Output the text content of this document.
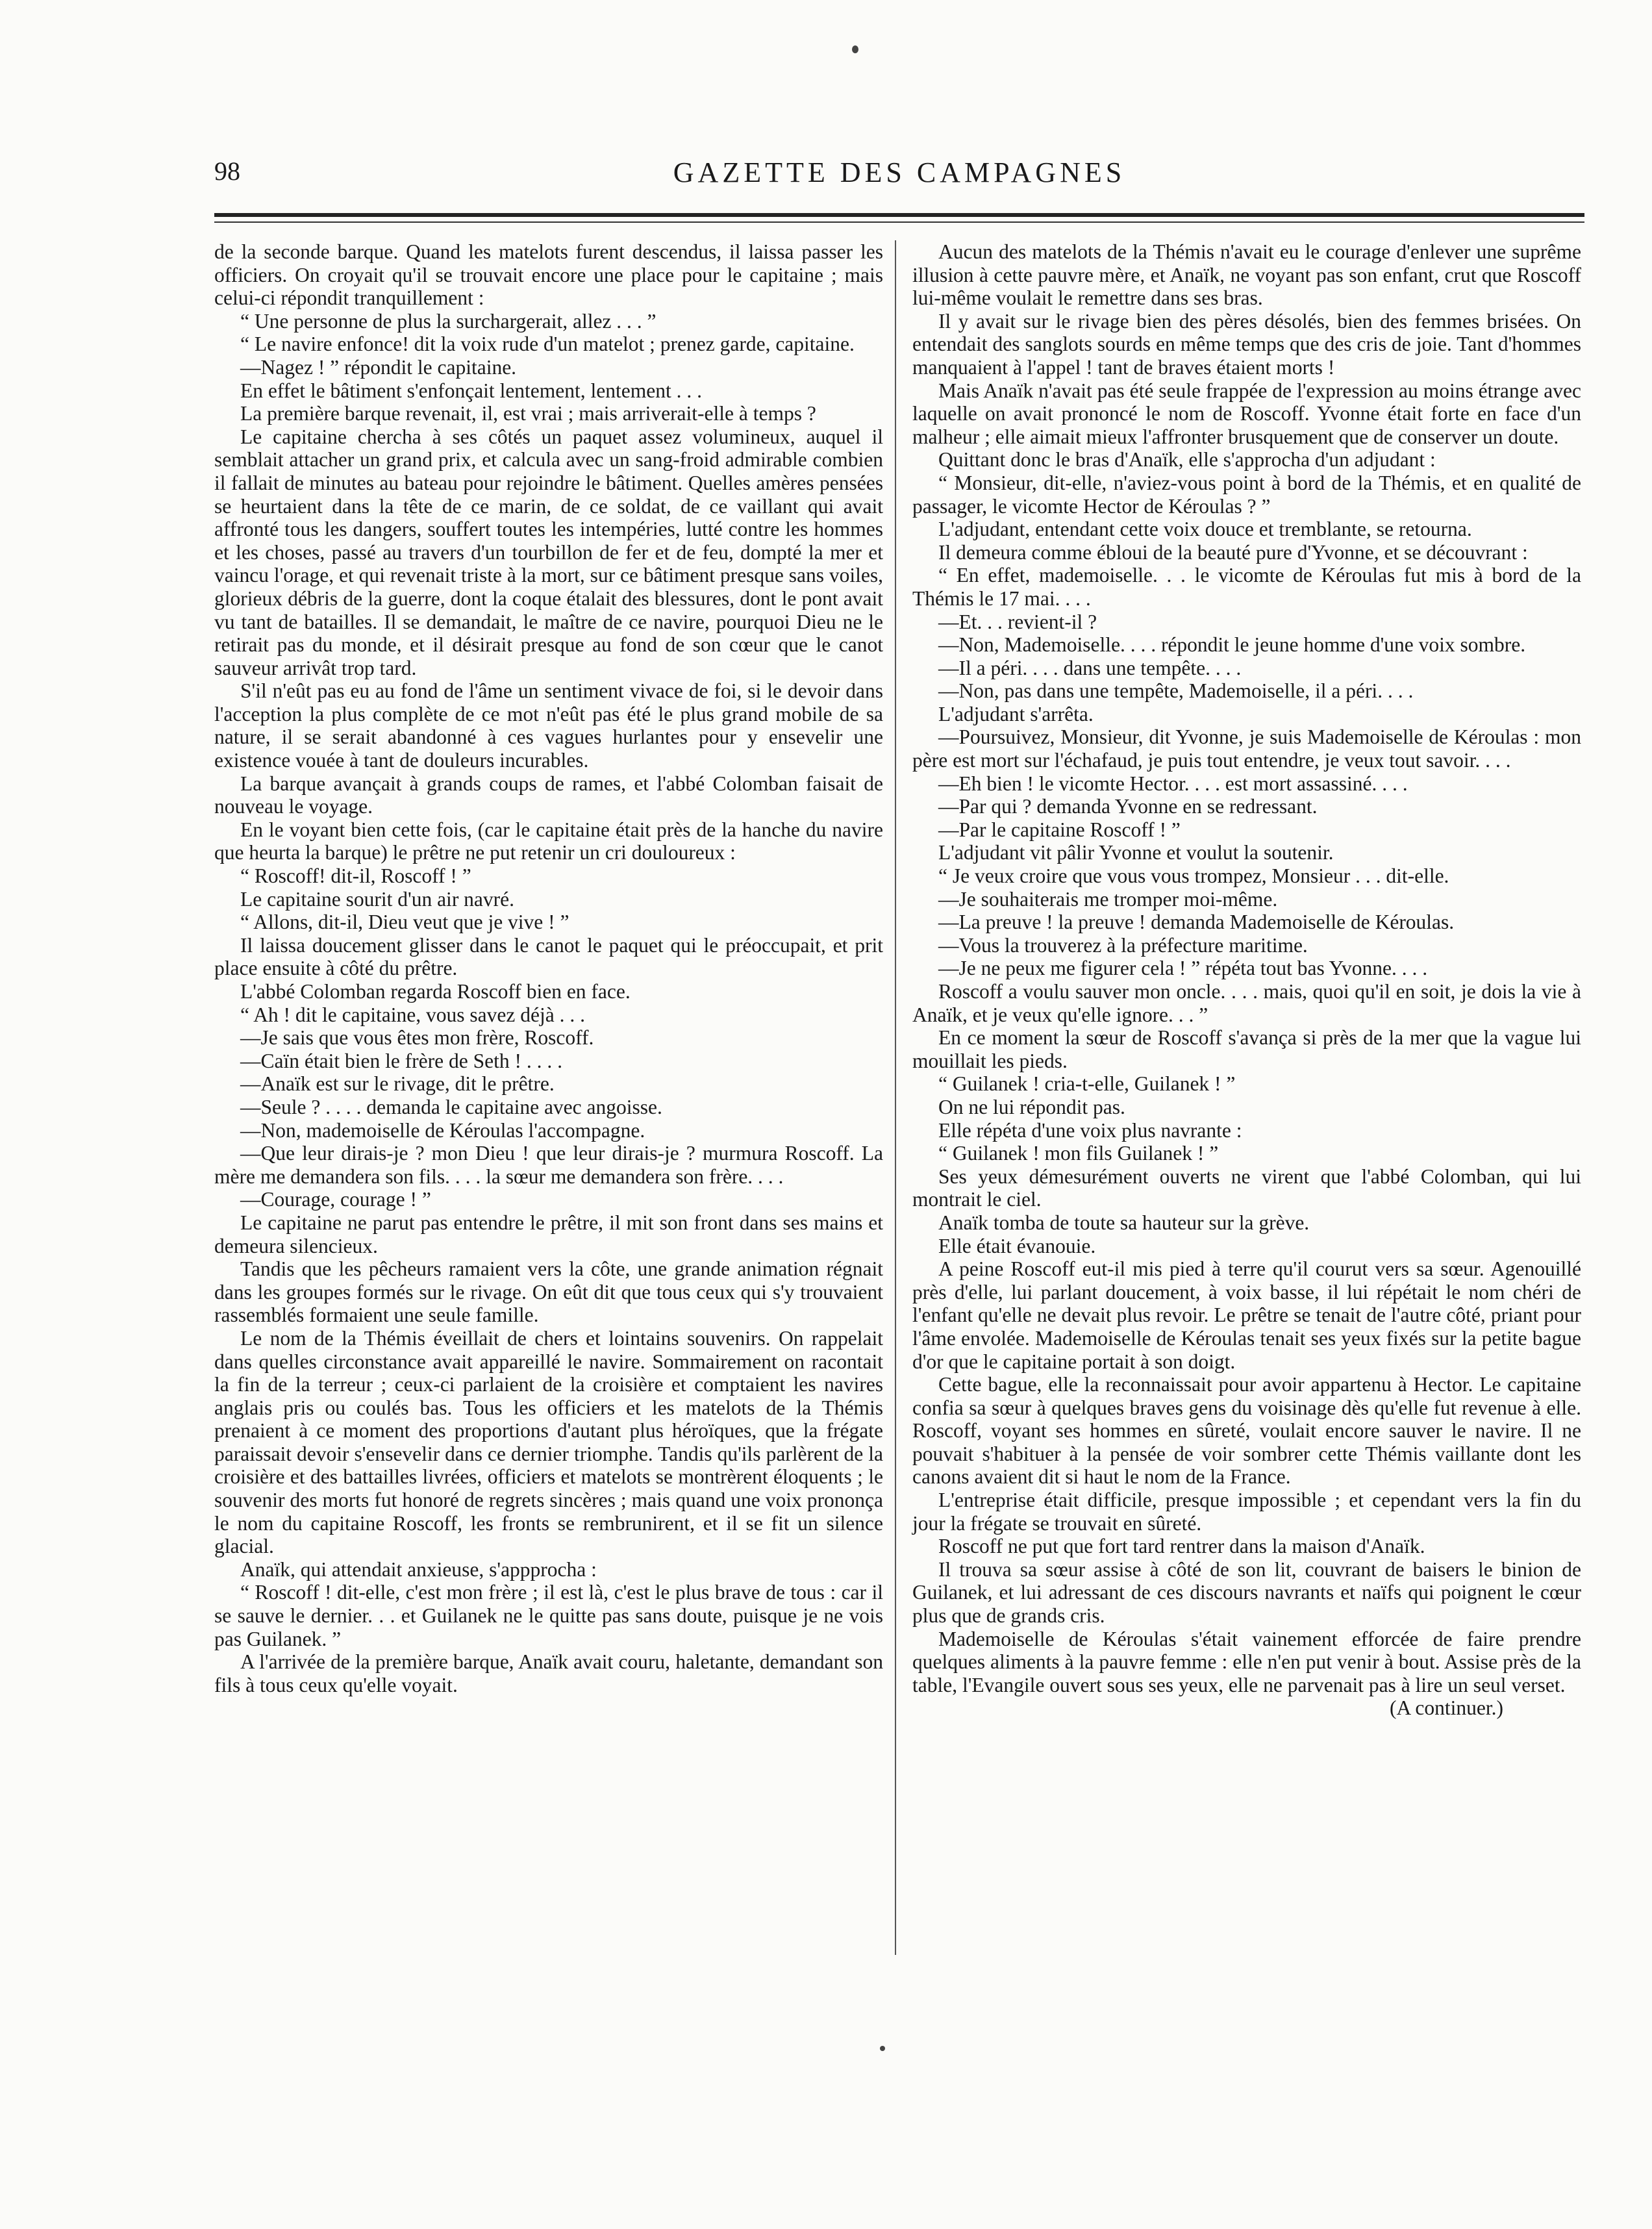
98	GAZETTE DES CAMPAGNES

de la seconde barque. Quand les matelots furent descendus, il laissa passer les officiers. On croyait qu'il se trouvait encore une place pour le capitaine ; mais celui-ci répondit tranquillement :

“ Une personne de plus la surchargerait, allez . . . ”

“ Le navire enfonce! dit la voix rude d'un matelot ; prenez garde, capitaine.

—Nagez ! ” répondit le capitaine.

En effet le bâtiment s'enfonçait lentement, lentement . . .

La première barque revenait, il, est vrai ; mais arriverait-elle à temps ?

Le capitaine chercha à ses côtés un paquet assez volumineux, auquel il semblait attacher un grand prix, et calcula avec un sang-froid admirable combien il fallait de minutes au bateau pour rejoindre le bâtiment. Quelles amères pensées se heurtaient dans la tête de ce marin, de ce soldat, de ce vaillant qui avait affronté tous les dangers, souffert toutes les intempéries, lutté contre les hommes et les choses, passé au travers d'un tourbillon de fer et de feu, dompté la mer et vaincu l'orage, et qui revenait triste à la mort, sur ce bâtiment presque sans voiles, glorieux débris de la guerre, dont la coque étalait des blessures, dont le pont avait vu tant de batailles. Il se demandait, le maître de ce navire, pourquoi Dieu ne le retirait pas du monde, et il désirait presque au fond de son cœur que le canot sauveur arrivât trop tard.

S'il n'eût pas eu au fond de l'âme un sentiment vivace de foi, si le devoir dans l'acception la plus complète de ce mot n'eût pas été le plus grand mobile de sa nature, il se serait abandonné à ces vagues hurlantes pour y ensevelir une existence vouée à tant de douleurs incurables.

La barque avançait à grands coups de rames, et l'abbé Colomban faisait de nouveau le voyage.

En le voyant bien cette fois, (car le capitaine était près de la hanche du navire que heurta la barque) le prêtre ne put retenir un cri douloureux :

“ Roscoff! dit-il, Roscoff ! ”

Le capitaine sourit d'un air navré.

“ Allons, dit-il, Dieu veut que je vive ! ”

Il laissa doucement glisser dans le canot le paquet qui le préoccupait, et prit place ensuite à côté du prêtre.

L'abbé Colomban regarda Roscoff bien en face.

“ Ah ! dit le capitaine, vous savez déjà . . .

—Je sais que vous êtes mon frère, Roscoff.

—Caïn était bien le frère de Seth ! . . . .

—Anaïk est sur le rivage, dit le prêtre.

—Seule ? . . . . demanda le capitaine avec angoisse.

—Non, mademoiselle de Kéroulas l'accompagne.

—Que leur dirais-je ? mon Dieu ! que leur dirais-je ? murmura Roscoff. La mère me demandera son fils. . . . la sœur me demandera son frère. . . .

—Courage, courage ! ”

Le capitaine ne parut pas entendre le prêtre, il mit son front dans ses mains et demeura silencieux.

Tandis que les pêcheurs ramaient vers la côte, une grande animation régnait dans les groupes formés sur le rivage. On eût dit que tous ceux qui s'y trouvaient rassemblés formaient une seule famille.

Le nom de la Thémis éveillait de chers et lointains souvenirs. On rappelait dans quelles circonstance avait appareillé le navire. Sommairement on racontait la fin de la terreur ; ceux-ci parlaient de la croisière et comptaient les navires anglais pris ou coulés bas. Tous les officiers et les matelots de la Thémis prenaient à ce moment des proportions d'autant plus héroïques, que la frégate paraissait devoir s'ensevelir dans ce dernier triomphe. Tandis qu'ils parlèrent de la croisière et des battailles livrées, officiers et matelots se montrèrent éloquents ; le souvenir des morts fut honoré de regrets sincères ; mais quand une voix prononça le nom du capitaine Roscoff, les fronts se rembrunirent, et il se fit un silence glacial.

Anaïk, qui attendait anxieuse, s'appprocha :

“ Roscoff ! dit-elle, c'est mon frère ; il est là, c'est le plus brave de tous : car il se sauve le dernier. . . et Guilanek ne le quitte pas sans doute, puisque je ne vois pas Guilanek. ”

A l'arrivée de la première barque, Anaïk avait couru, haletante, demandant son fils à tous ceux qu'elle voyait.

Aucun des matelots de la Thémis n'avait eu le courage d'enlever une suprême illusion à cette pauvre mère, et Anaïk, ne voyant pas son enfant, crut que Roscoff lui-même voulait le remettre dans ses bras.

Il y avait sur le rivage bien des pères désolés, bien des femmes brisées. On entendait des sanglots sourds en même temps que des cris de joie. Tant d'hommes manquaient à l'appel ! tant de braves étaient morts !

Mais Anaïk n'avait pas été seule frappée de l'expression au moins étrange avec laquelle on avait prononcé le nom de Roscoff. Yvonne était forte en face d'un malheur ; elle aimait mieux l'affronter brusquement que de conserver un doute.

Quittant donc le bras d'Anaïk, elle s'approcha d'un adjudant :

“ Monsieur, dit-elle, n'aviez-vous point à bord de la Thémis, et en qualité de passager, le vicomte Hector de Kéroulas ? ”

L'adjudant, entendant cette voix douce et tremblante, se retourna.

Il demeura comme ébloui de la beauté pure d'Yvonne, et se découvrant :

“ En effet, mademoiselle. . . le vicomte de Kéroulas fut mis à bord de la Thémis le 17 mai. . . .

—Et. . . revient-il ?

—Non, Mademoiselle. . . . répondit le jeune homme d'une voix sombre.

—Il a péri. . . . dans une tempête. . . .

—Non, pas dans une tempête, Mademoiselle, il a péri. . . .

L'adjudant s'arrêta.

—Poursuivez, Monsieur, dit Yvonne, je suis Mademoiselle de Kéroulas : mon père est mort sur l'échafaud, je puis tout entendre, je veux tout savoir. . . .

—Eh bien ! le vicomte Hector. . . . est mort assassiné. . . .

—Par qui ? demanda Yvonne en se redressant.

—Par le capitaine Roscoff ! ”

L'adjudant vit pâlir Yvonne et voulut la soutenir.

“ Je veux croire que vous vous trompez, Monsieur . . . dit-elle.

—Je souhaiterais me tromper moi-même.

—La preuve ! la preuve ! demanda Mademoiselle de Kéroulas.

—Vous la trouverez à la préfecture maritime.

—Je ne peux me figurer cela ! ” répéta tout bas Yvonne. . . .

Roscoff a voulu sauver mon oncle. . . . mais, quoi qu'il en soit, je dois la vie à Anaïk, et je veux qu'elle ignore. . . ”

En ce moment la sœur de Roscoff s'avança si près de la mer que la vague lui mouillait les pieds.

“ Guilanek ! cria-t-elle, Guilanek ! ”

On ne lui répondit pas.

Elle répéta d'une voix plus navrante :

“ Guilanek ! mon fils Guilanek ! ”

Ses yeux démesurément ouverts ne virent que l'abbé Colomban, qui lui montrait le ciel.

Anaïk tomba de toute sa hauteur sur la grève.

Elle était évanouie.

A peine Roscoff eut-il mis pied à terre qu'il courut vers sa sœur. Agenouillé près d'elle, lui parlant doucement, à voix basse, il lui répétait le nom chéri de l'enfant qu'elle ne devait plus revoir. Le prêtre se tenait de l'autre côté, priant pour l'âme envolée. Mademoiselle de Kéroulas tenait ses yeux fixés sur la petite bague d'or que le capitaine portait à son doigt.

Cette bague, elle la reconnaissait pour avoir appartenu à Hector. Le capitaine confia sa sœur à quelques braves gens du voisinage dès qu'elle fut revenue à elle. Roscoff, voyant ses hommes en sûreté, voulait encore sauver le navire. Il ne pouvait s'habituer à la pensée de voir sombrer cette Thémis vaillante dont les canons avaient dit si haut le nom de la France.

L'entreprise était difficile, presque impossible ; et cependant vers la fin du jour la frégate se trouvait en sûreté.

Roscoff ne put que fort tard rentrer dans la maison d'Anaïk.

Il trouva sa sœur assise à côté de son lit, couvrant de baisers le binion de Guilanek, et lui adressant de ces discours navrants et naïfs qui poignent le cœur plus que de grands cris.

Mademoiselle de Kéroulas s'était vainement efforcée de faire prendre quelques aliments à la pauvre femme : elle n'en put venir à bout. Assise près de la table, l'Evangile ouvert sous ses yeux, elle ne parvenait pas à lire un seul verset.

(A continuer.)
